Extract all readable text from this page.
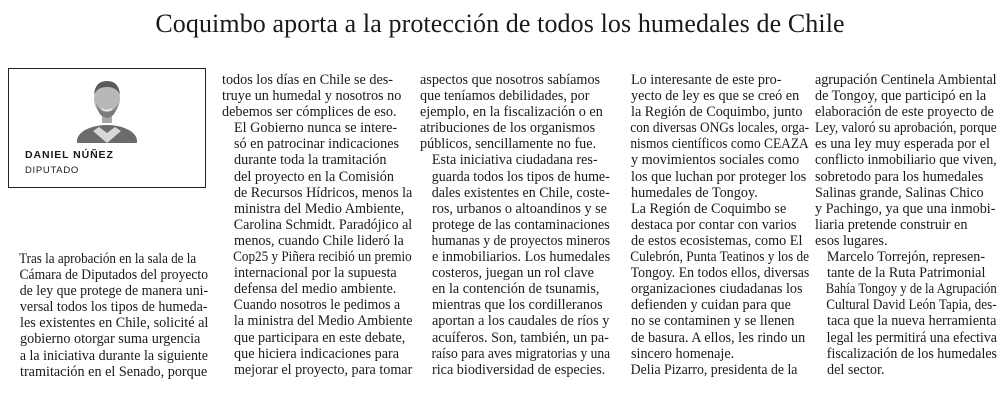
Coquimbo aporta a la protección de todos los humedales de Chile
DANIEL NÚÑEZ
DIPUTADO

Tras la aprobación en la sala de la
Cámara de Diputados del proyecto
de ley que protege de manera uni-
versal todos los tipos de humeda-
les existentes en Chile, solicité al
gobierno otorgar suma urgencia
a la iniciativa durante la siguiente
tramitación en el Senado, porque

todos los días en Chile se des-
truye un humedal y nosotros no
debemos ser cómplices de eso.

El Gobierno nunca se intere-
só en patrocinar indicaciones
durante toda la tramitación
del proyecto en la Comisión
de Recursos Hídricos, menos la
ministra del Medio Ambiente,
Carolina Schmidt. Paradójico al
menos, cuando Chile lideró la
Cop25 y Piñera recibió un premio
internacional por la supuesta
defensa del medio ambiente.

Cuando nosotros le pedimos a
la ministra del Medio Ambiente
que participara en este debate,
que hiciera indicaciones para
mejorar el proyecto, para tomar

aspectos que nosotros sabíamos
que teníamos debilidades, por
ejemplo, en la fiscalización o en
atribuciones de los organismos
públicos, sencillamente no fue.

Esta iniciativa ciudadana res-
guarda todos los tipos de hume-
dales existentes en Chile, coste-
ros, urbanos o altoandinos y se
protege de las contaminaciones
humanas y de proyectos mineros
e inmobiliarios. Los humedales
costeros, juegan un rol clave
en la contención de tsunamis,
mientras que los cordilleranos
aportan a los caudales de ríos y
acuíferos. Son, también, un pa-
raíso para aves migratorias y una
rica biodiversidad de especies.

Lo interesante de este pro-
yecto de ley es que se creó en
la Región de Coquimbo, junto
con diversas ONGs locales, orga-
nismos científicos como CEAZA
y movimientos sociales como
los que luchan por proteger los
humedales de Tongoy.

La Región de Coquimbo se
destaca por contar con varios
de estos ecosistemas, como El
Culebrón, Punta Teatinos y los de
Tongoy. En todos ellos, diversas
organizaciones ciudadanas los
defienden y cuidan para que
no se contaminen y se llenen
de basura. A ellos, les rindo un
sincero homenaje.

Delia Pizarro, presidenta de la

agrupación Centinela Ambiental
de Tongoy, que participó en la
elaboración de este proyecto de
Ley, valoró su aprobación, porque
es una ley muy esperada por el
conflicto inmobiliario que viven,
sobretodo para los humedales
Salinas grande, Salinas Chico
y Pachingo, ya que una inmobi-
liaria pretende construir en
esos lugares.

Marcelo Torrejón, represen-
tante de la Ruta Patrimonial
Bahía Tongoy y de la Agrupación
Cultural David León Tapia, des-
taca que la nueva herramienta
legal les permitirá una efectiva
fiscalización de los humedales
del sector.
